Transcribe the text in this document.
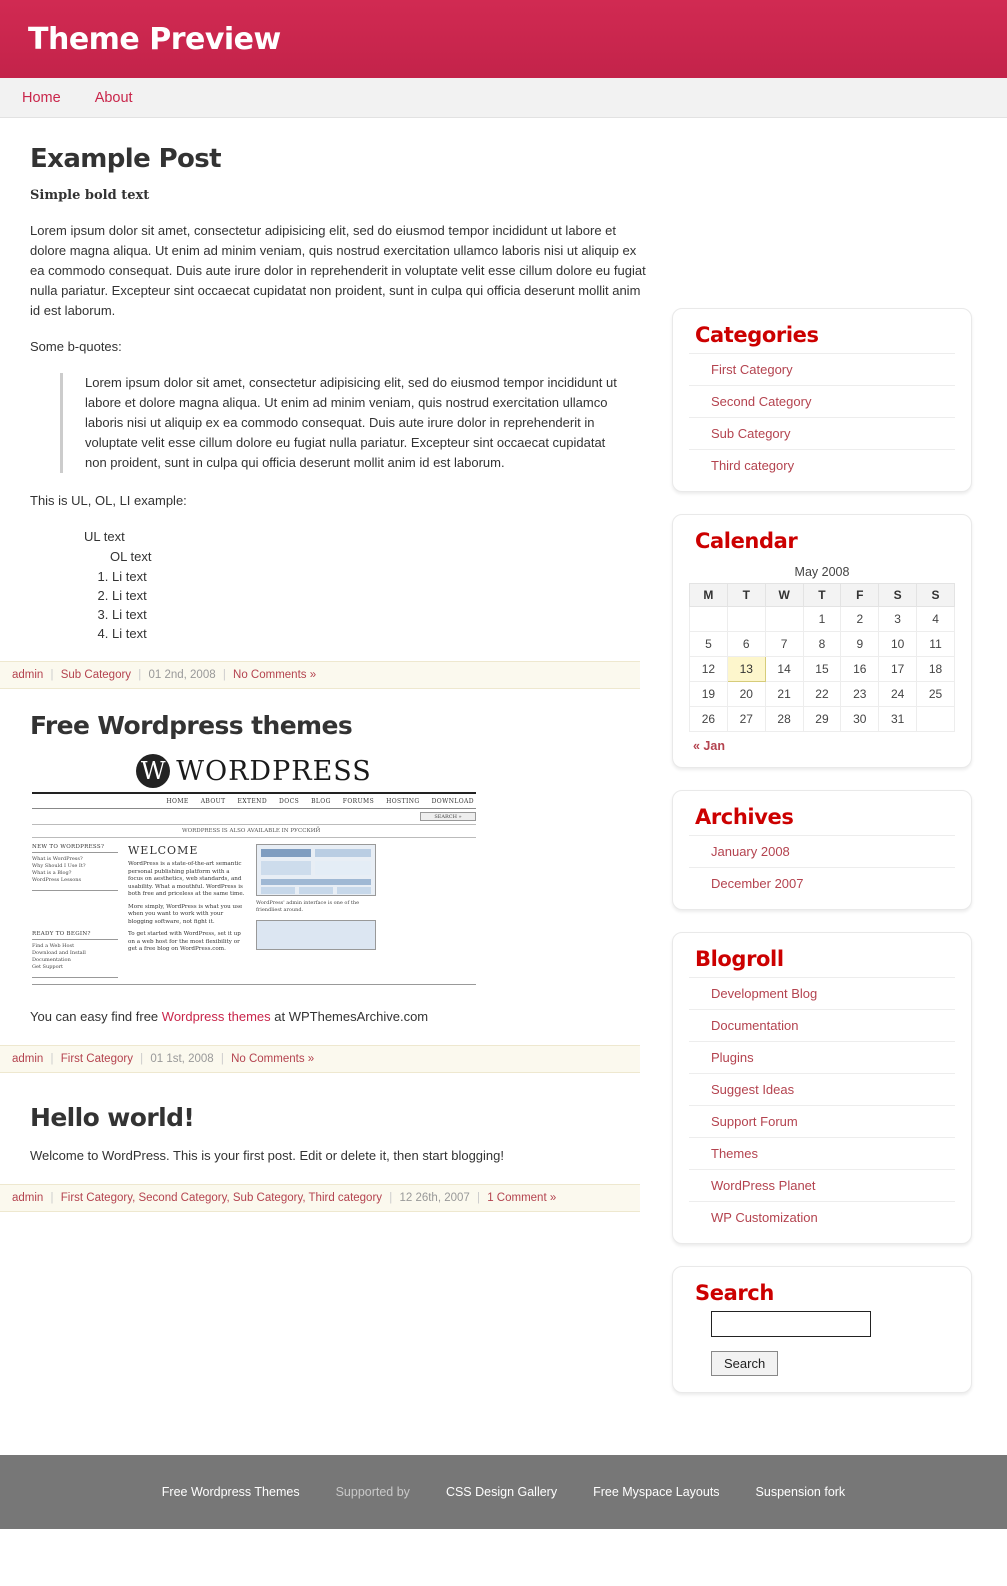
Theme Preview
Home About
Example Post
Simple bold text

Lorem ipsum dolor sit amet, consectetur adipisicing elit, sed do eiusmod tempor incididunt ut labore et dolore magna aliqua. Ut enim ad minim veniam, quis nostrud exercitation ullamco laboris nisi ut aliquip ex ea commodo consequat. Duis aute irure dolor in reprehenderit in voluptate velit esse cillum dolore eu fugiat nulla pariatur. Excepteur sint occaecat cupidatat non proident, sunt in culpa qui officia deserunt mollit anim id est laborum.

Some b-quotes:

Lorem ipsum dolor sit amet, consectetur adipisicing elit, sed do eiusmod tempor incididunt ut labore et dolore magna aliqua. Ut enim ad minim veniam, quis nostrud exercitation ullamco laboris nisi ut aliquip ex ea commodo consequat. Duis aute irure dolor in reprehenderit in voluptate velit esse cillum dolore eu fugiat nulla pariatur. Excepteur sint occaecat cupidatat non proident, sunt in culpa qui officia deserunt mollit anim id est laborum.

This is UL, OL, LI example:

UL text
OL text
1. Li text
2. Li text
3. Li text
4. Li text
admin | Sub Category | 01 2nd, 2008 | No Comments »
Free Wordpress themes
W WORDPRESS
HOME ABOUT EXTEND DOCS BLOG FORUMS HOSTING DOWNLOAD
SEARCH »
WORDPRESS IS ALSO AVAILABLE IN РУССКИЙ
NEW TO WORDPRESS?
What is WordPress?
Why Should I Use It?
What is a Blog?
WordPress Lessons
READY TO BEGIN?
Find a Web Host
Download and Install
Documentation
Get Support
WELCOME
WordPress is a state-of-the-art semantic personal publishing platform with a focus on aesthetics, web standards, and usability. What a mouthful. WordPress is both free and priceless at the same time.
More simply, WordPress is what you use when you want to work with your blogging software, not fight it.
To get started with WordPress, set it up on a web host for the most flexibility or get a free blog on WordPress.com.
WordPress' admin interface is one of the friendliest around.

You can easy find free Wordpress themes at WPThemesArchive.com

admin | First Category | 01 1st, 2008 | No Comments »
Hello world!

Welcome to WordPress. This is your first post. Edit or delete it, then start blogging!

admin | First Category, Second Category, Sub Category, Third category | 12 26th, 2007 | 1 Comment »
Categories
First Category
Second Category
Sub Category
Third category
Calendar
May 2008
M	T	W	T	F	S	S
			1	2	3	4
5	6	7	8	9	10	11
12	13	14	15	16	17	18
19	20	21	22	23	24	25
26	27	28	29	30	31	
« Jan
Archives
January 2008
December 2007
Blogroll
Development Blog
Documentation
Plugins
Suggest Ideas
Support Forum
Themes
WordPress Planet
WP Customization
Search
Search
Free Wordpress Themes	Supported by	CSS Design Gallery	Free Myspace Layouts	Suspension fork
